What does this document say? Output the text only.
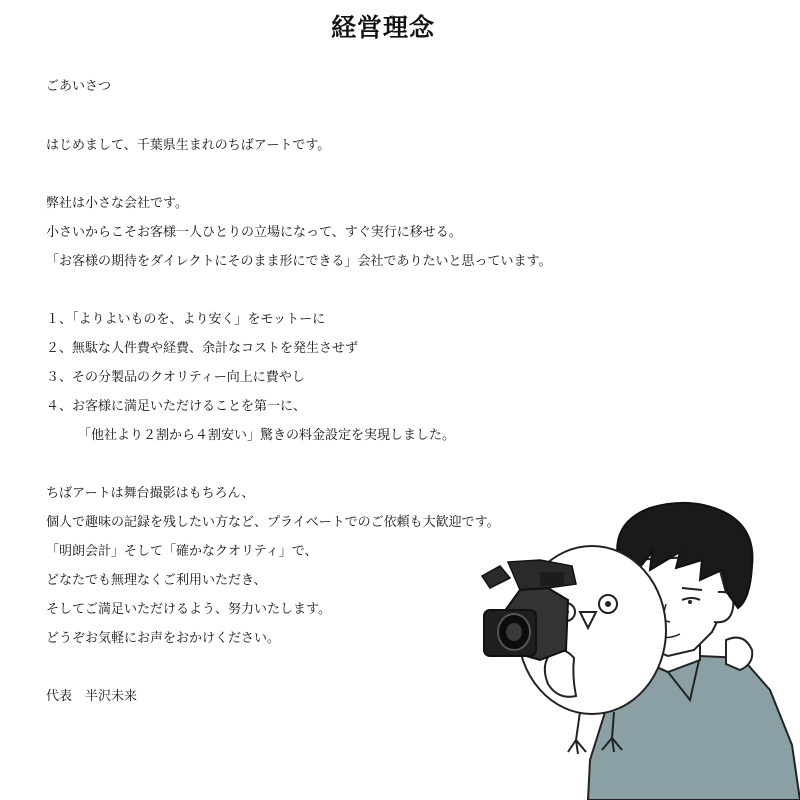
経営理念
ごあいさつ
はじめまして、千葉県生まれのちばアートです。
弊社は小さな会社です。
小さいからこそお客様一人ひとりの立場になって、すぐ実行に移せる。
「お客様の期待をダイレクトにそのまま形にできる」会社でありたいと思っています。
１、「よりよいものを、より安く」をモットーに
２、無駄な人件費や経費、余計なコストを発生させず
３、その分製品のクオリティー向上に費やし
４、お客様に満足いただけることを第一に、
「他社より２割から４割安い」驚きの料金設定を実現しました。
ちばアートは舞台撮影はもちろん、
個人で趣味の記録を残したい方など、プライベートでのご依頼も大歓迎です。
「明朗会計」そして「確かなクオリティ」で、
どなたでも無理なくご利用いただき、
そしてご満足いただけるよう、努力いたします。
どうぞお気軽にお声をおかけください。
代表　半沢未来
